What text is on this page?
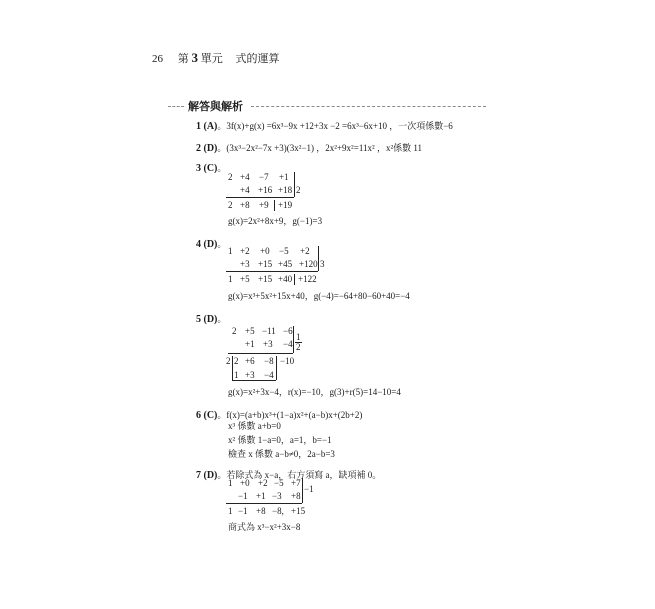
26 第 3 單元 式的運算
解答與解析
1 (A)。3f(x)+g(x) =6x³−9x +12+3x −2 =6x³−6x+10 ，一次項係數−6
2 (D)。(3x³−2x²−7x +3)(3x²−1) ，2x²+9x²=11x² ，x²係數 11
3 (C)。
2 +4 −7 +1
+4 +16 +18 2
2 +8 +9 +19
g(x)=2x²+8x+9，g(−1)=3
4 (D)。
1 +2 +0 −5 +2
+3 +15 +45 +120 3
1 +5 +15 +40 +122
g(x)=x³+5x²+15x+40，g(−4)=−64+80−60+40=−4
5 (D)。
2 +5 −11 −6
+1 +3 −4
1
2
2 2 +6 −8 −10
1 +3 −4
g(x)=x²+3x−4，r(x)=−10，g(3)+r(5)=14−10=4
6 (C)。f(x)=(a+b)x³+(1−a)x²+(a−b)x+(2b+2)
x³ 係數 a+b=0
x² 係數 1−a=0，a=1，b=−1
檢查 x 係數 a−b≠0，2a−b=3
7 (D)。若除式為 x−a，右方須寫 a，缺項補 0。
1 +0 +2 −5 +7
−1 +1 −3 +8
−1
1 −1 +8 −8, +15
商式為 x³−x²+3x−8
